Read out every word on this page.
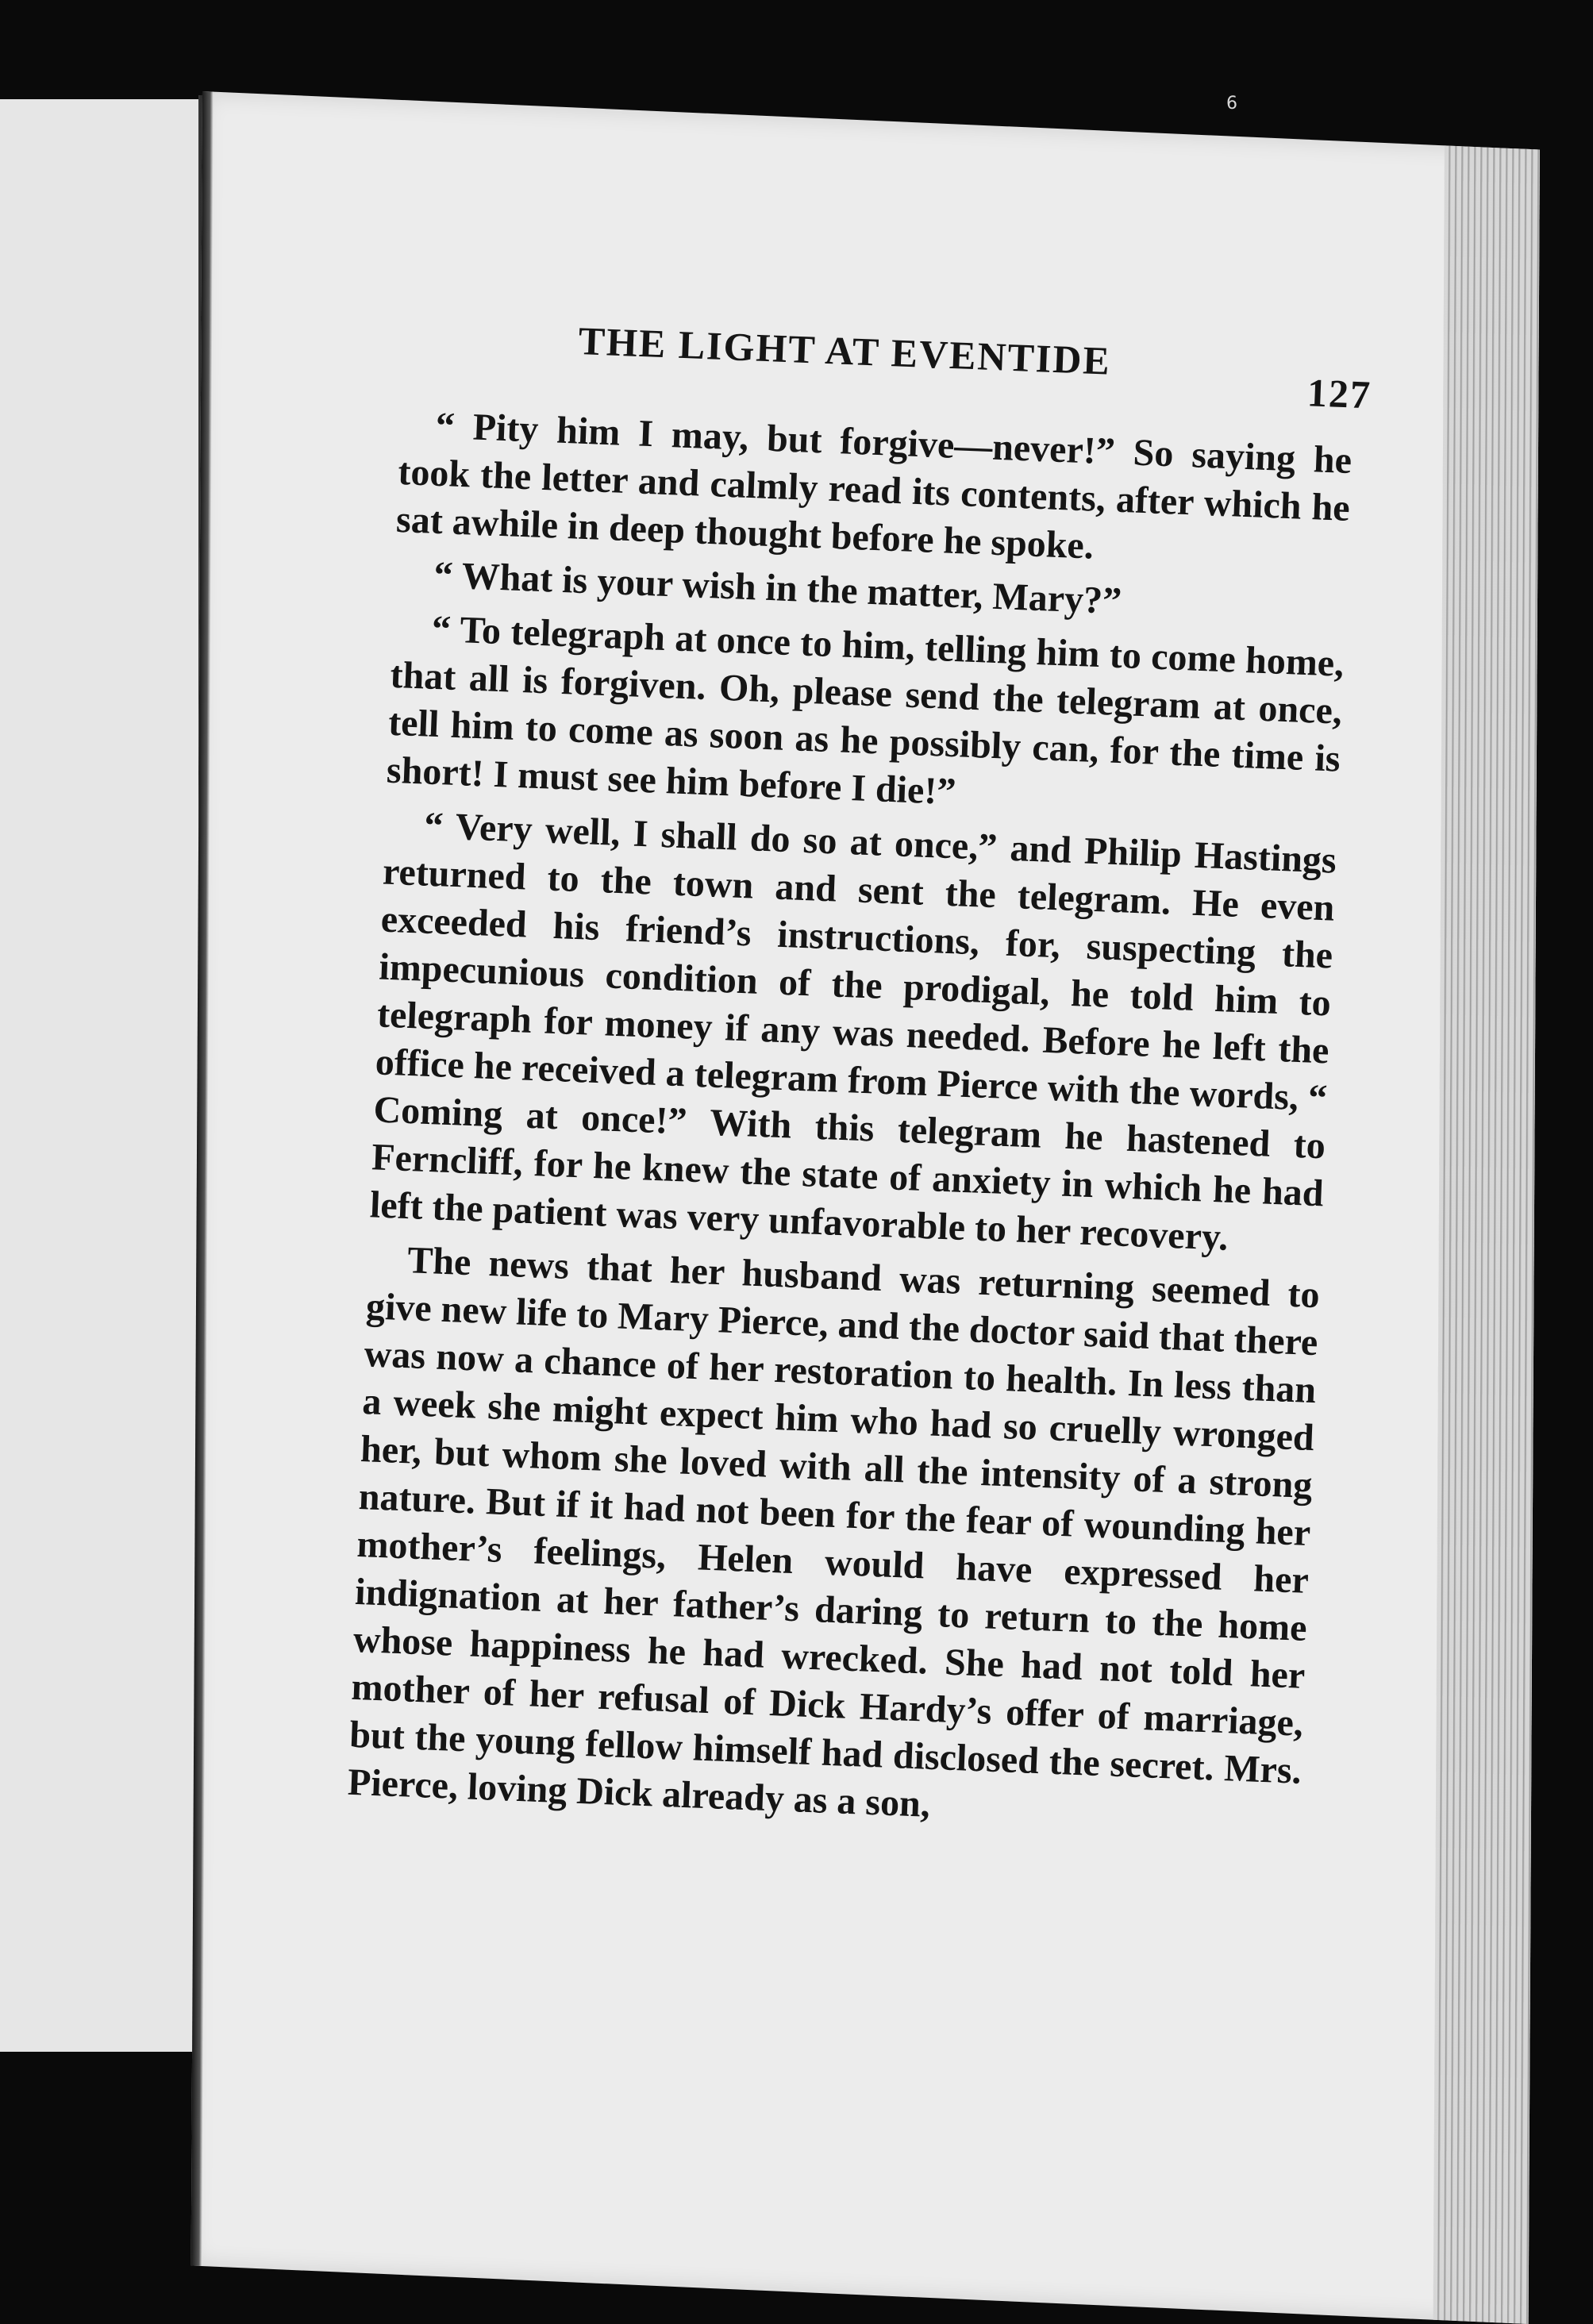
6
THE LIGHT AT EVENTIDE
127

“ Pity him I may, but forgive—never!” So saying he took the letter and calmly read its contents, after which he sat awhile in deep thought before he spoke.

“ What is your wish in the matter, Mary?”

“ To telegraph at once to him, telling him to come home, that all is forgiven. Oh, please send the telegram at once, tell him to come as soon as he possibly can, for the time is short! I must see him before I die!”

“ Very well, I shall do so at once,” and Philip Hastings returned to the town and sent the telegram. He even exceeded his friend’s instructions, for, suspecting the impecunious condition of the prodigal, he told him to telegraph for money if any was needed. Before he left the office he received a telegram from Pierce with the words, “ Coming at once!” With this telegram he hastened to Ferncliff, for he knew the state of anxiety in which he had left the patient was very unfavorable to her recovery.

The news that her husband was returning seemed to give new life to Mary Pierce, and the doctor said that there was now a chance of her restoration to health. In less than a week she might expect him who had so cruelly wronged her, but whom she loved with all the intensity of a strong nature. But if it had not been for the fear of wounding her mother’s feelings, Helen would have expressed her indignation at her father’s daring to return to the home whose happiness he had wrecked. She had not told her mother of her refusal of Dick Hardy’s offer of marriage, but the young fellow himself had disclosed the secret. Mrs. Pierce, loving Dick already as a son,
